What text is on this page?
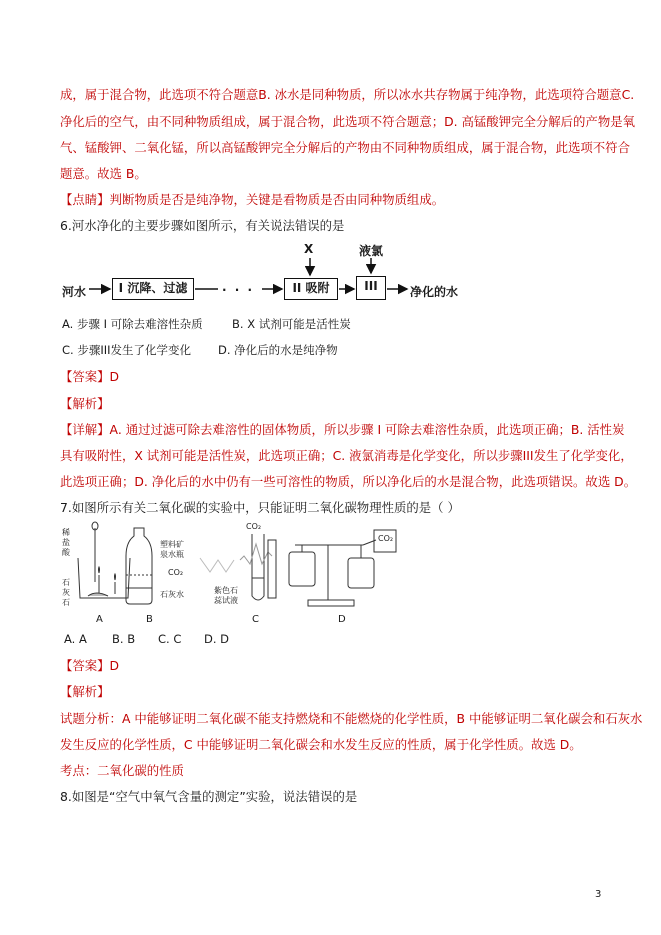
成，属于混合物，此选项不符合题意B. 冰水是同种物质，所以冰水共存物属于纯净物，此选项符合题意C.
净化后的空气，由不同种物质组成，属于混合物，此选项不符合题意；D. 高锰酸钾完全分解后的产物是氧
气、锰酸钾、二氧化锰，所以高锰酸钾完全分解后的产物由不同种物质组成，属于混合物，此选项不符合
题意。故选 B。
【点睛】判断物质是否是纯净物，关键是看物质是否由同种物质组成。
6.河水净化的主要步骤如图所示，有关说法错误的是
河水	I 沉降、过滤	· · ·	II 吸附	III	净化的水
X	液氯
A. 步骤 I 可除去难溶性杂质	B. X 试剂可能是活性炭
C. 步骤III发生了化学变化 D. 净化后的水是纯净物
【答案】D
【解析】
【详解】A. 通过过滤可除去难溶性的固体物质，所以步骤 I 可除去难溶性杂质，此选项正确；B. 活性炭
具有吸附性，X 试剂可能是活性炭，此选项正确；C. 液氯消毒是化学变化，所以步骤III发生了化学变化，
此选项正确；D. 净化后的水中仍有一些可溶性的物质，所以净化后的水是混合物，此选项错误。故选 D。
7.如图所示有关二氧化碳的实验中，只能证明二氧化碳物理性质的是（ ）
稀
盐
酸
石
灰
石
塑料矿
泉水瓶
CO₂
石灰水
CO₂
紫色石
蕊试液
CO₂
A	B	C	D
A. A B. B C. C D. D
【答案】D
【解析】
试题分析：A 中能够证明二氧化碳不能支持燃烧和不能燃烧的化学性质，B 中能够证明二氧化碳会和石灰水
发生反应的化学性质，C 中能够证明二氧化碳会和水发生反应的性质，属于化学性质。故选 D。
考点：二氧化碳的性质
8.如图是“空气中氧气含量的测定”实验，说法错误的是
3
